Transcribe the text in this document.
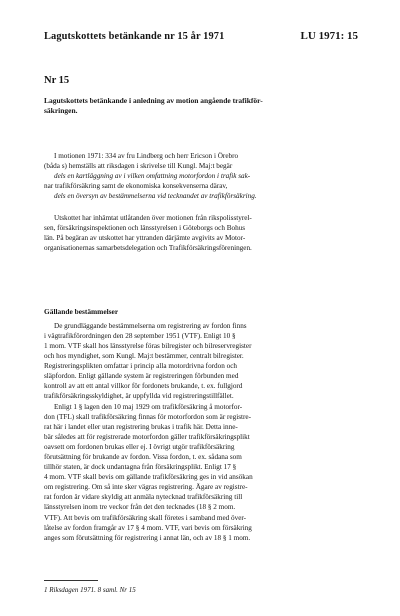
Lagutskottets betänkande nr 15 år 1971	LU 1971: 15
Nr 15
Lagutskottets betänkande i anledning av motion angående trafikför-
säkringen.
I motionen 1971: 334 av fru Lindberg och herr Ericson i Örebro
(båda s) hemställs att riksdagen i skrivelse till Kungl. Maj:t begär
dels en kartläggning av i vilken omfattning motorfordon i trafik sak-
nar trafikförsäkring samt de ekonomiska konsekvenserna därav,
dels en översyn av bestämmelserna vid tecknandet av trafikförsäkring.
Utskottet har inhämtat utlåtanden över motionen från rikspolisstyrel-
sen, försäkringsinspektionen och länsstyrelsen i Göteborgs och Bohus
län. På begäran av utskottet har yttranden därjämte avgivits av Motor-
organisationernas samarbetsdelegation och Trafikförsäkringsföreningen.
Gällande bestämmelser
De grundläggande bestämmelserna om registrering av fordon finns
i vägtrafikförordningen den 28 september 1951 (VTF). Enligt 10 §
1 mom. VTF skall hos länsstyrelse föras bilregister och bilreservregister
och hos myndighet, som Kungl. Maj:t bestämmer, centralt bilregister.
Registreringsplikten omfattar i princip alla motordrivna fordon och
släpfordon. Enligt gällande system är registreringen förbunden med
kontroll av att ett antal villkor för fordonets brukande, t. ex. fullgjord
trafikförsäkringsskyldighet, är uppfyllda vid registreringstillfället.
Enligt 1 § lagen den 10 maj 1929 om trafikförsäkring å motorfor-
don (TFL) skall trafikförsäkring finnas för motorfordon som är registre-
rat här i landet eller utan registrering brukas i trafik här. Detta inne-
bär således att för registrerade motorfordon gäller trafikförsäkringsplikt
oavsett om fordonen brukas eller ej. I övrigt utgör trafikförsäkring
förutsättning för brukande av fordon. Vissa fordon, t. ex. sådana som
tillhör staten, är dock undantagna från försäkringsplikt. Enligt 17 §
4 mom. VTF skall bevis om gällande trafikförsäkring ges in vid ansökan
om registrering. Om så inte sker vägras registrering. Ägare av registre-
rat fordon är vidare skyldig att anmäla nytecknad trafikförsäkring till
länsstyrelsen inom tre veckor från det den tecknades (18 § 2 mom.
VTF). Att bevis om trafikförsäkring skall företes i samband med över-
låtelse av fordon framgår av 17 § 4 mom. VTF, vari bevis om försäkring
anges som förutsättning för registrering i annat län, och av 18 § 1 mom.
1 Riksdagen 1971. 8 saml. Nr 15
